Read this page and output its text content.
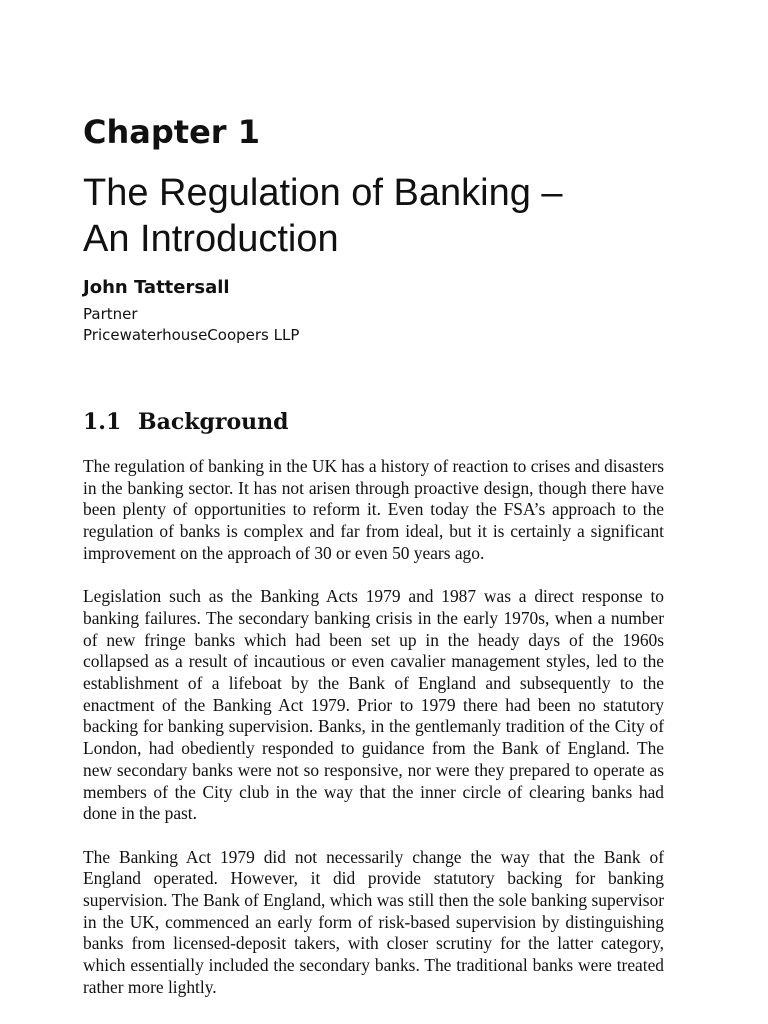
Chapter 1
The Regulation of Banking –
An Introduction
John Tattersall
Partner
PricewaterhouseCoopers LLP
1.1 Background

The regulation of banking in the UK has a history of reaction to crises and disasters in the banking sector. It has not arisen through proactive design, though there have been plenty of opportunities to reform it. Even today the FSA’s approach to the regulation of banks is complex and far from ideal, but it is certainly a significant improvement on the approach of 30 or even 50 years ago.

Legislation such as the Banking Acts 1979 and 1987 was a direct response to banking failures. The secondary banking crisis in the early 1970s, when a number of new fringe banks which had been set up in the heady days of the 1960s collapsed as a result of incautious or even cavalier management styles, led to the establishment of a lifeboat by the Bank of England and subsequently to the enactment of the Banking Act 1979. Prior to 1979 there had been no statutory backing for banking supervision. Banks, in the gentlemanly tradition of the City of London, had obediently responded to guidance from the Bank of England. The new secondary banks were not so responsive, nor were they prepared to operate as members of the City club in the way that the inner circle of clearing banks had done in the past.

The Banking Act 1979 did not necessarily change the way that the Bank of England operated. However, it did provide statutory backing for banking supervision. The Bank of England, which was still then the sole banking supervisor in the UK, commenced an early form of risk-based supervision by distinguishing banks from licensed-deposit takers, with closer scrutiny for the latter category, which essentially included the secondary banks. The traditional banks were treated rather more lightly.
